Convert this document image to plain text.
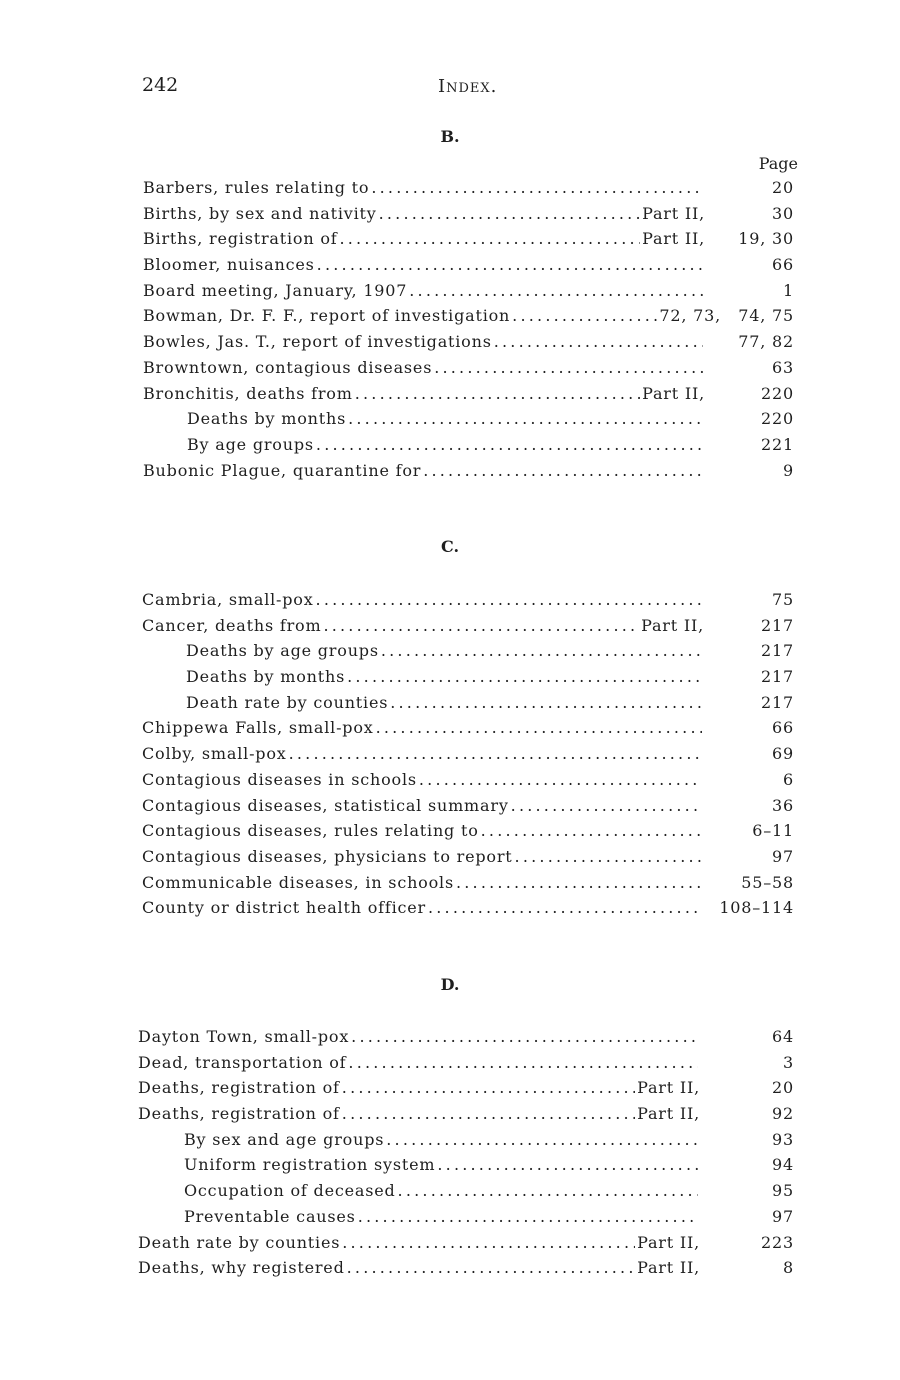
242	Index.
B.
Page
Barbers, rules relating to .....	20
Births, by sex and nativity .....	Part II,	30
Births, registration of .....	Part II, 19, 30
Bloomer, nuisances .....	66
Board meeting, January, 1907 .....	1
Bowman, Dr. F. F., report of investigation .....	72, 73, 74, 75
Bowles, Jas. T., report of investigations .....	77, 82
Browntown, contagious diseases .....	63
Bronchitis, deaths from .....	Part II,	220
Deaths by months .....	220
By age groups .....	221
Bubonic Plague, quarantine for .....	9
C.
Cambria, small-pox .....	75
Cancer, deaths from .....	Part II,	217
Deaths by age groups .....	217
Deaths by months .....	217
Death rate by counties .....	217
Chippewa Falls, small-pox .....	66
Colby, small-pox .....	69
Contagious diseases in schools .....	6
Contagious diseases, statistical summary .....	36
Contagious diseases, rules relating to .....	6–11
Contagious diseases, physicians to report .....	97
Communicable diseases, in schools .....	55–58
County or district health officer .....	108–114
D.
Dayton Town, small-pox .....	64
Dead, transportation of .....	3
Deaths, registration of .....	Part II,	20
Deaths, registration of .....	Part II,	92
By sex and age groups .....	93
Uniform registration system .....	94
Occupation of deceased .....	95
Preventable causes .....	97
Death rate by counties .....	Part II,	223
Deaths, why registered .....	Part II,	8
